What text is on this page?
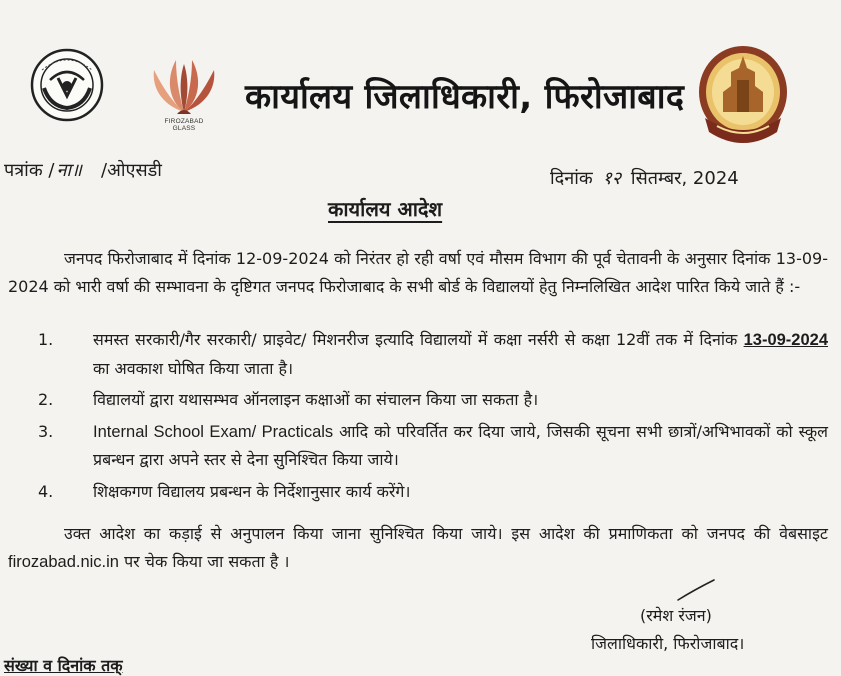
FIROZABAD
GLASS
कार्यालय जिलाधिकारी, फिरोजाबाद
पत्रांक / ना॥ /ओएसडी	दिनांक १२ सितम्बर, 2024
कार्यालय आदेश
जनपद फिरोजाबाद में दिनांक 12-09-2024 को निरंतर हो रही वर्षा एवं मौसम विभाग की पूर्व चेतावनी के अनुसार दिनांक 13-09-2024 को भारी वर्षा की सम्भावना के दृष्टिगत जनपद फिरोजाबाद के सभी बोर्ड के विद्यालयों हेतु निम्नलिखित आदेश पारित किये जाते हैं :-
1.	समस्त सरकारी/गैर सरकारी/ प्राइवेट/ मिशनरीज इत्यादि विद्यालयों में कक्षा नर्सरी से कक्षा 12वीं तक में दिनांक 13-09-2024 का अवकाश घोषित किया जाता है।
2.	विद्यालयों द्वारा यथासम्भव ऑनलाइन कक्षाओं का संचालन किया जा सकता है।
3.	Internal School Exam/ Practicals आदि को परिवर्तित कर दिया जाये, जिसकी सूचना सभी छात्रों/अभिभावकों को स्कूल प्रबन्धन द्वारा अपने स्तर से देना सुनिश्चित किया जाये।
4.	शिक्षकगण विद्यालय प्रबन्धन के निर्देशानुसार कार्य करेंगे।
उक्त आदेश का कड़ाई से अनुपालन किया जाना सुनिश्चित किया जाये। इस आदेश की प्रमाणिकता को जनपद की वेबसाइट firozabad.nic.in पर चेक किया जा सकता है ।
(रमेश रंजन)
जिलाधिकारी, फिरोजाबाद।
संख्या व दिनांक तक्
